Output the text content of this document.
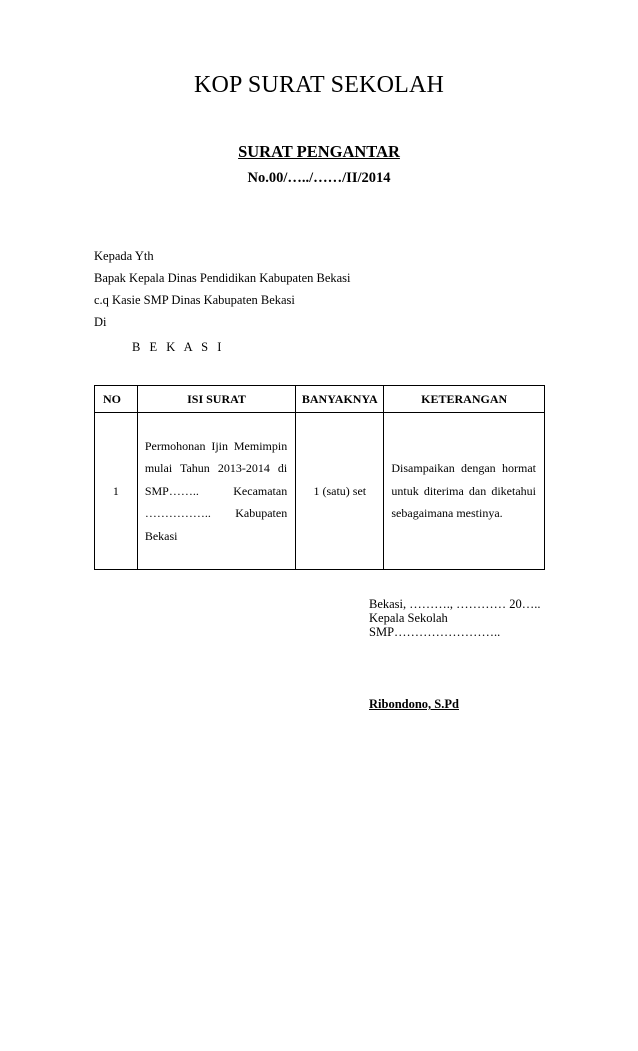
KOP SURAT SEKOLAH
SURAT PENGANTAR
No.00/…../……/II/2014
Kepada Yth
Bapak Kepala Dinas Pendidikan Kabupaten Bekasi
c.q Kasie SMP Dinas Kabupaten Bekasi
Di
B E K A S I
NO	ISI SURAT	BANYAKNYA	KETERANGAN
1	Permohonan Ijin Memimpin mulai Tahun 2013-2014 di SMP…….. Kecamatan …………….. Kabupaten Bekasi	1 (satu) set	Disampaikan dengan hormat untuk diterima dan diketahui sebagaimana mestinya.
Bekasi, ………., ………… 20…..
Kepala Sekolah
SMP……………………..
Ribondono, S.Pd
